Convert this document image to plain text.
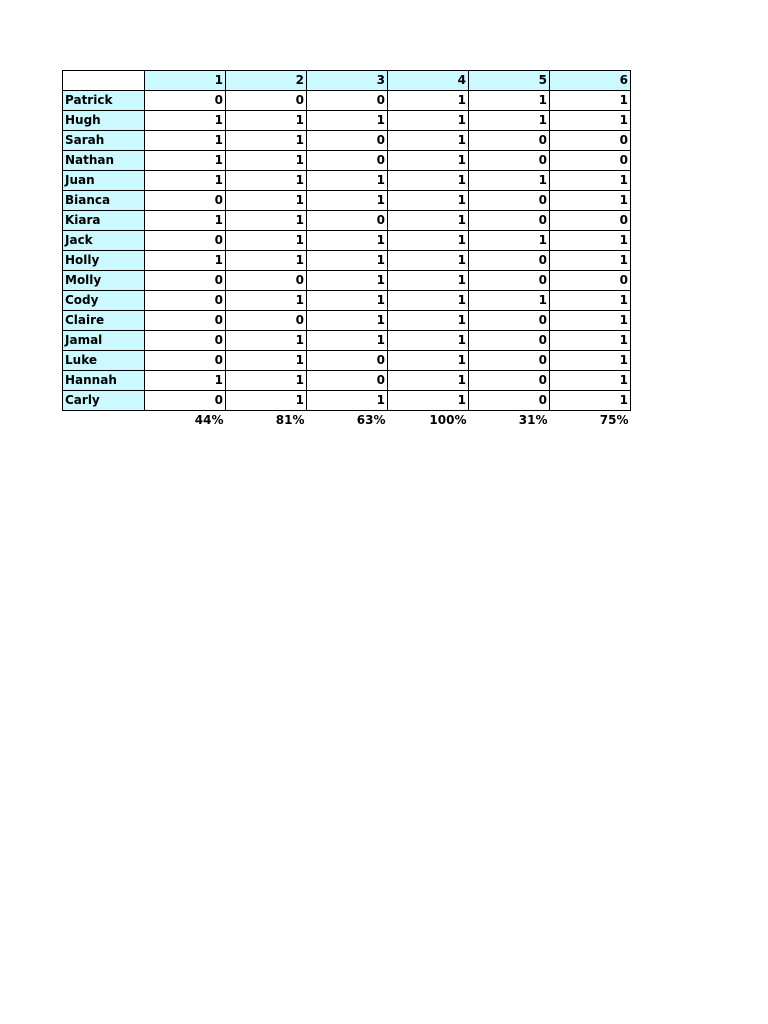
	1	2	3	4	5	6
Patrick	0	0	0	1	1	1
Hugh	1	1	1	1	1	1
Sarah	1	1	0	1	0	0
Nathan	1	1	0	1	0	0
Juan	1	1	1	1	1	1
Bianca	0	1	1	1	0	1
Kiara	1	1	0	1	0	0
Jack	0	1	1	1	1	1
Holly	1	1	1	1	0	1
Molly	0	0	1	1	0	0
Cody	0	1	1	1	1	1
Claire	0	0	1	1	0	1
Jamal	0	1	1	1	0	1
Luke	0	1	0	1	0	1
Hannah	1	1	0	1	0	1
Carly	0	1	1	1	0	1
	44%	81%	63%	100%	31%	75%
